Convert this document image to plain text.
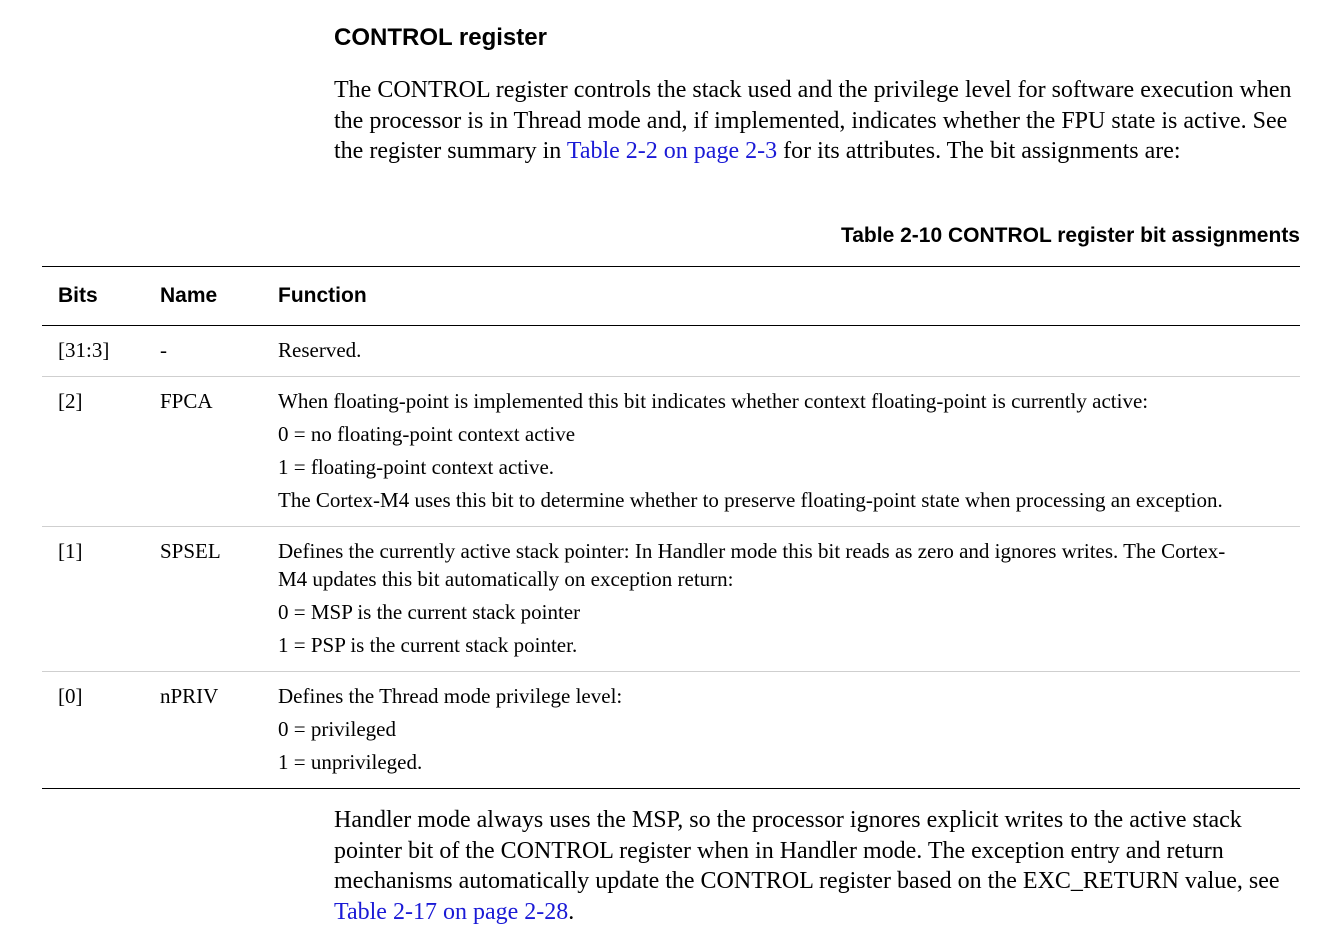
CONTROL register
The CONTROL register controls the stack used and the privilege level for software execution when the processor is in Thread mode and, if implemented, indicates whether the FPU state is active. See the register summary in Table 2-2 on page 2-3 for its attributes. The bit assignments are:
Table 2-10 CONTROL register bit assignments
Bits	Name	Function
[31:3]	-	Reserved.

[2]	FPCA	When floating-point is implemented this bit indicates whether context floating-point is currently active:

0 = no floating-point context active

1 = floating-point context active.

The Cortex-M4 uses this bit to determine whether to preserve floating-point state when processing an exception.

[1]	SPSEL	Defines the currently active stack pointer: In Handler mode this bit reads as zero and ignores writes. The Cortex-M4 updates this bit automatically on exception return:

0 = MSP is the current stack pointer

1 = PSP is the current stack pointer.

[0]	nPRIV	Defines the Thread mode privilege level:

0 = privileged

1 = unprivileged.

Handler mode always uses the MSP, so the processor ignores explicit writes to the active stack pointer bit of the CONTROL register when in Handler mode. The exception entry and return mechanisms automatically update the CONTROL register based on the EXC_RETURN value, see Table 2-17 on page 2-28.
